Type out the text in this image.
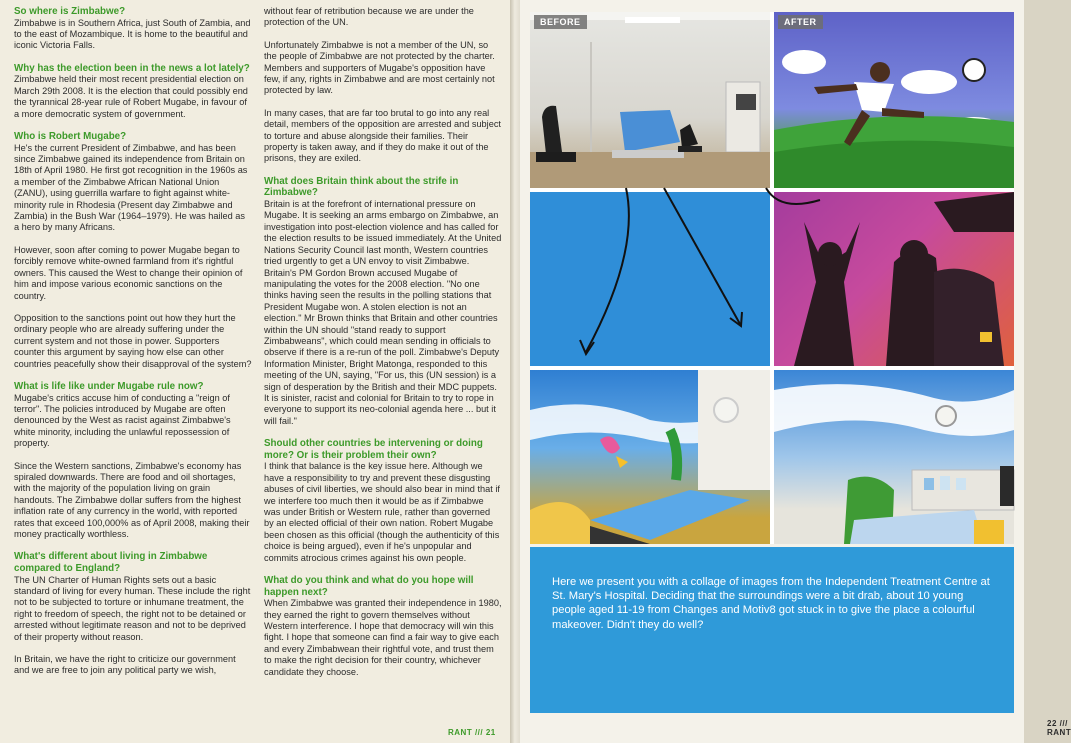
So where is Zimbabwe?

Zimbabwe is in Southern Africa, just South of Zambia, and to the east of Mozambique. It is home to the beautiful and iconic Victoria Falls.

Why has the election been in the news a lot lately?

Zimbabwe held their most recent presidential election on March 29th 2008. It is the election that could possibly end the tyrannical 28-year rule of Robert Mugabe, in favour of a more democratic system of government.

Who is Robert Mugabe?

He's the current President of Zimbabwe, and has been since Zimbabwe gained its independence from Britain on 18th of April 1980. He first got recognition in the 1960s as a member of the Zimbabwe African National Union (ZANU), using guerrilla warfare to fight against white-minority rule in Rhodesia (Present day Zimbabwe and Zambia) in the Bush War (1964–1979). He was hailed as a hero by many Africans.

However, soon after coming to power Mugabe began to forcibly remove white-owned farmland from it's rightful owners. This caused the West to change their opinion of him and impose various economic sanctions on the country.

Opposition to the sanctions point out how they hurt the ordinary people who are already suffering under the current system and not those in power. Supporters counter this argument by saying how else can other countries peacefully show their disapproval of the system?

What is life like under Mugabe rule now?

Mugabe's critics accuse him of conducting a "reign of terror". The policies introduced by Mugabe are often denounced by the West as racist against Zimbabwe's white minority, including the unlawful repossession of property.

Since the Western sanctions, Zimbabwe's economy has spiraled downwards. There are food and oil shortages, with the majority of the population living on grain handouts. The Zimbabwe dollar suffers from the highest inflation rate of any currency in the world, with reported rates that exceed 100,000% as of April 2008, making their money practically worthless.

What's different about living in Zimbabwe compared to England?

The UN Charter of Human Rights sets out a basic standard of living for every human. These include the right not to be subjected to torture or inhumane treatment, the right to freedom of speech, the right not to be detained or arrested without legitimate reason and not to be deprived of their property without reason.

In Britain, we have the right to criticize our government and we are free to join any political party we wish,

without fear of retribution because we are under the protection of the UN.

Unfortunately Zimbabwe is not a member of the UN, so the people of Zimbabwe are not protected by the charter. Members and supporters of Mugabe's opposition have few, if any, rights in Zimbabwe and are most certainly not protected by law.

In many cases, that are far too brutal to go into any real detail, members of the opposition are arrested and subject to torture and abuse alongside their families. Their property is taken away, and if they do make it out of the prisons, they are exiled.

What does Britain think about the strife in Zimbabwe?

Britain is at the forefront of international pressure on Mugabe. It is seeking an arms embargo on Zimbabwe, an investigation into post-election violence and has called for the election results to be issued immediately. At the United Nations Security Council last month, Western countries tried urgently to get a UN envoy to visit Zimbabwe. Britain's PM Gordon Brown accused Mugabe of manipulating the votes for the 2008 election. "No one thinks having seen the results in the polling stations that President Mugabe won. A stolen election is not an election." Mr Brown thinks that Britain and other countries within the UN should "stand ready to support Zimbabweans", which could mean sending in officials to observe if there is a re-run of the poll. Zimbabwe's Deputy Information Minister, Bright Matonga, responded to this meeting of the UN, saying, "For us, this (UN session) is a sign of desperation by the British and their MDC puppets. It is sinister, racist and colonial for Britain to try to rope in everyone to support its neo-colonial agenda here ... but it will fail."

Should other countries be intervening or doing more? Or is their problem their own?

I think that balance is the key issue here. Although we have a responsibility to try and prevent these disgusting abuses of civil liberties, we should also bear in mind that if we interfere too much then it would be as if Zimbabwe was under British or Western rule, rather than governed by an elected official of their own nation. Robert Mugabe been chosen as this official (though the authenticity of this choice is being argued), even if he's unpopular and commits atrocious crimes against his own people.

What do you think and what do you hope will happen next?

When Zimbabwe was granted their independence in 1980, they earned the right to govern themselves without Western interference. I hope that democracy will win this fight. I hope that someone can find a fair way to give each and every Zimbabwean their rightful vote, and trust them to make the right decision for their country, whichever candidate they choose.

RANT /// 21
BEFORE	AFTER
Here we present you with a collage of images from the Independent Treatment Centre at St. Mary's Hospital. Deciding that the surroundings were a bit drab, about 10 young people aged 11-19 from Changes and Motiv8 got stuck in to give the place a colourful makeover. Didn't they do well?
22 /// RANT
